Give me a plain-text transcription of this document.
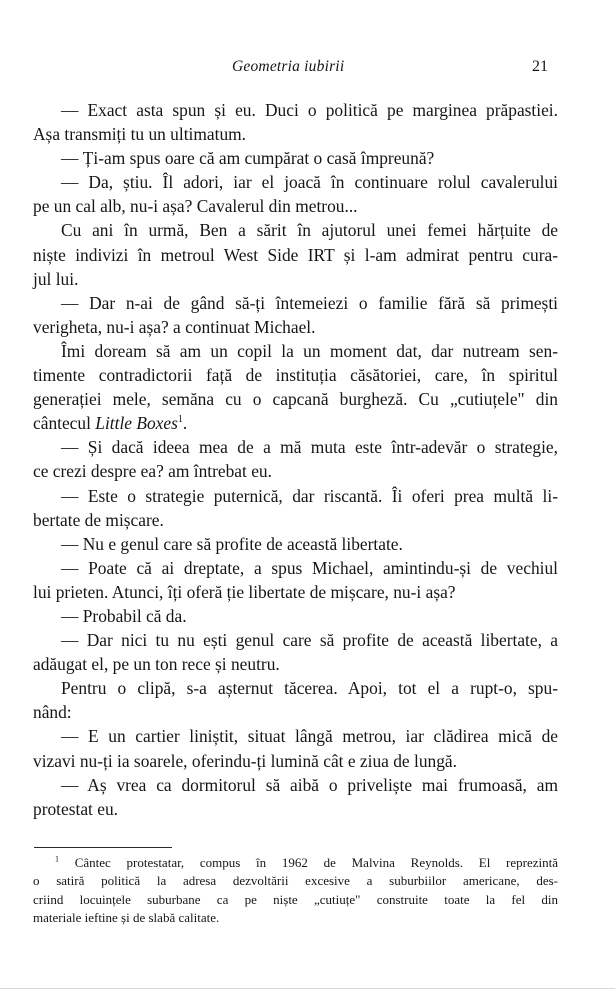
Geometria iubirii	21
— Exact asta spun și eu. Duci o politică pe marginea prăpastiei.
Așa transmiți tu un ultimatum.
— Ți-am spus oare că am cumpărat o casă împreună?
— Da, știu. Îl adori, iar el joacă în continuare rolul cavalerului
pe un cal alb, nu-i așa? Cavalerul din metrou...
Cu ani în urmă, Ben a sărit în ajutorul unei femei hărțuite de
niște indivizi în metroul West Side IRT și l-am admirat pentru cura-
jul lui.
— Dar n-ai de gând să-ți întemeiezi o familie fără să primești
verigheta, nu-i așa? a continuat Michael.
Îmi doream să am un copil la un moment dat, dar nutream sen-
timente contradictorii față de instituția căsătoriei, care, în spiritul
generației mele, semăna cu o capcană burgheză. Cu „cutiuțele" din
cântecul Little Boxes$^1$.
— Și dacă ideea mea de a mă muta este într-adevăr o strategie,
ce crezi despre ea? am întrebat eu.
— Este o strategie puternică, dar riscantă. Îi oferi prea multă li-
bertate de mișcare.
— Nu e genul care să profite de această libertate.
— Poate că ai dreptate, a spus Michael, amintindu-și de vechiul
lui prieten. Atunci, îți oferă ție libertate de mișcare, nu-i așa?
— Probabil că da.
— Dar nici tu nu ești genul care să profite de această libertate, a
adăugat el, pe un ton rece și neutru.
Pentru o clipă, s-a așternut tăcerea. Apoi, tot el a rupt-o, spu-
nând:
— E un cartier liniștit, situat lângă metrou, iar clădirea mică de
vizavi nu-ți ia soarele, oferindu-ți lumină cât e ziua de lungă.
— Aș vrea ca dormitorul să aibă o priveliște mai frumoasă, am
protestat eu.
$^1$ Cântec protestatar, compus în 1962 de Malvina Reynolds. El reprezintă
o satiră politică la adresa dezvoltării excesive a suburbiilor americane, des-
criind locuințele suburbane ca pe niște „cutiuțe" construite toate la fel din
materiale ieftine și de slabă calitate.
